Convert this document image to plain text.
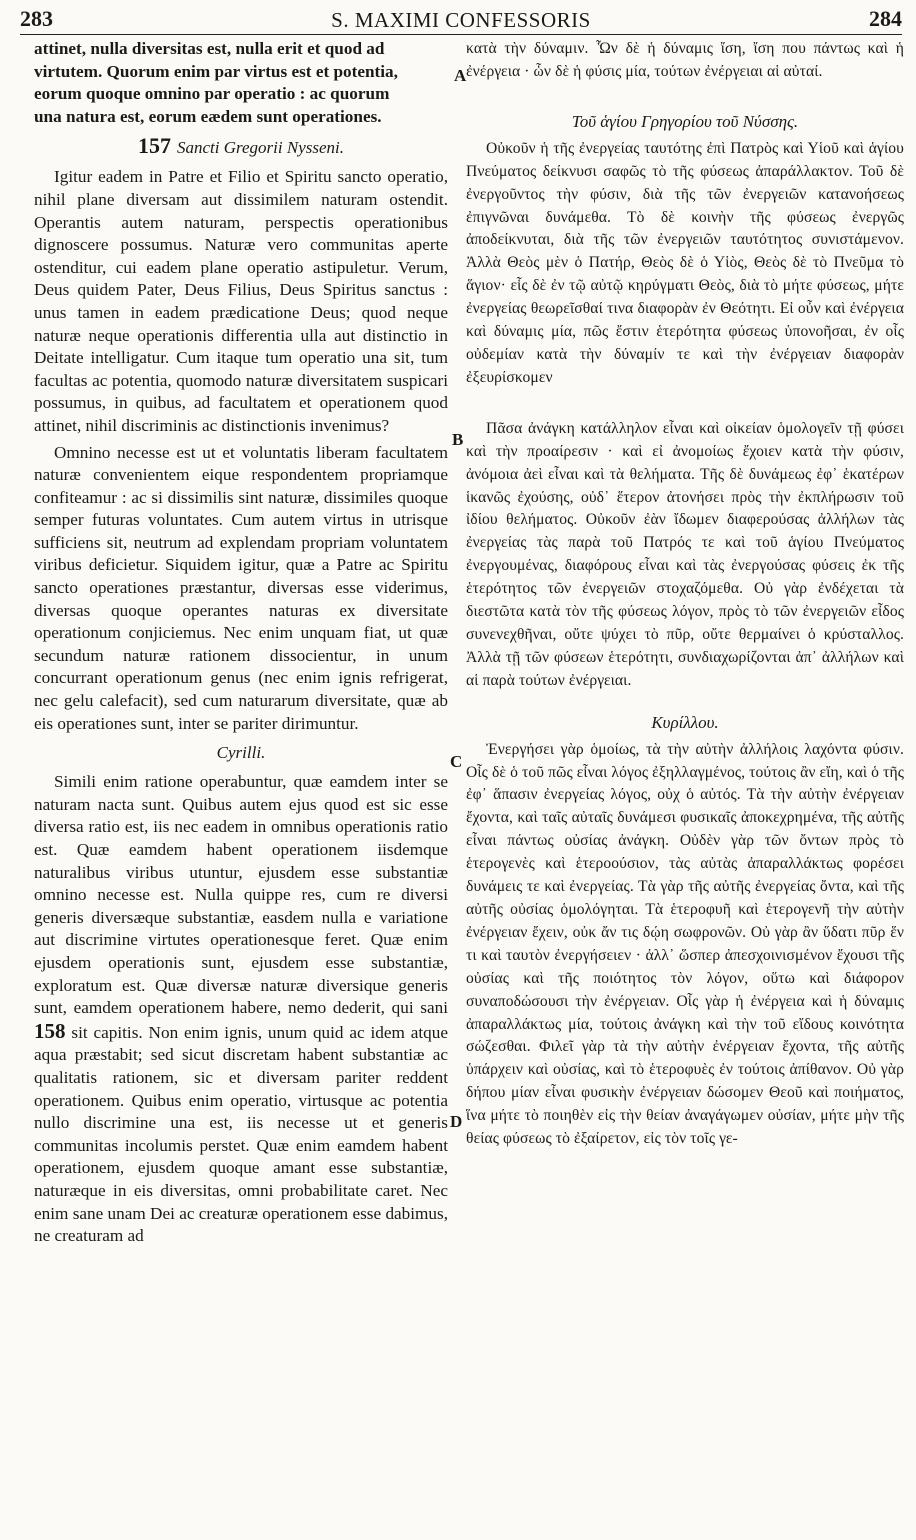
283	S. MAXIMI CONFESSORIS	284
A
B
C
D

attinet, nulla diversitas est, nulla erit et quod ad
virtutem. Quorum enim par virtus est et potentia,
eorum quoque omnino par operatio : ac quorum
una natura est, eorum eædem sunt operationes.

157 Sancti Gregorii Nysseni.

Igitur eadem in Patre et Filio et Spiritu sancto operatio, nihil plane diversam aut dissimilem naturam ostendit. Operantis autem naturam, perspectis operationibus dignoscere possumus. Naturæ vero communitas aperte ostenditur, cui eadem plane operatio astipuletur. Verum, Deus quidem Pater, Deus Filius, Deus Spiritus sanctus : unus tamen in eadem prædicatione Deus; quod neque naturæ neque operationis differentia ulla aut distinctio in Deitate intelligatur. Cum itaque tum operatio una sit, tum facultas ac potentia, quomodo naturæ diversitatem suspicari possumus, in quibus, ad facultatem et operationem quod attinet, nihil discriminis ac distinctionis invenimus?

Omnino necesse est ut et voluntatis liberam facultatem naturæ convenientem eique respondentem propriamque confiteamur : ac si dissimilis sint naturæ, dissimiles quoque semper futuras voluntates. Cum autem virtus in utrisque sufficiens sit, neutrum ad explendam propriam voluntatem viribus deficietur. Siquidem igitur, quæ a Patre ac Spiritu sancto operationes præstantur, diversas esse viderimus, diversas quoque operantes naturas ex diversitate operationum conjiciemus. Nec enim unquam fiat, ut quæ secundum naturæ rationem dissocientur, in unum concurrant operationum genus (nec enim ignis refrigerat, nec gelu calefacit), sed cum naturarum diversitate, quæ ab eis operationes sunt, inter se pariter dirimuntur.

Cyrilli.

Simili enim ratione operabuntur, quæ eamdem inter se naturam nacta sunt. Quibus autem ejus quod est sic esse diversa ratio est, iis nec eadem in omnibus operationis ratio est. Quæ eamdem habent operationem iisdemque naturalibus viribus utuntur, ejusdem esse substantiæ omnino necesse est. Nulla quippe res, cum re diversi generis diversæque substantiæ, easdem nulla e variatione aut discrimine virtutes operationesque feret. Quæ enim ejusdem operationis sunt, ejusdem esse substantiæ, exploratum est. Quæ diversæ naturæ diversique generis sunt, eamdem operationem habere, nemo dederit, qui sani 158 sit capitis. Non enim ignis, unum quid ac idem atque aqua præstabit; sed sicut discretam habent substantiæ ac qualitatis rationem, sic et diversam pariter reddent operationem. Quibus enim operatio, virtusque ac potentia nullo discrimine una est, iis necesse ut et generis communitas incolumis perstet. Quæ enim eamdem habent operationem, ejusdem quoque amant esse substantiæ, naturæque in eis diversitas, omni probabilitate caret. Nec enim sane unam Dei ac creaturæ operationem esse dabimus, ne creaturam ad

κατὰ τὴν δύναμιν. Ὧν δὲ ἡ δύναμις ἴση, ἴση που πάντως καὶ ἡ ἐνέργεια · ὧν δὲ ἡ φύσις μία, τούτων ἐνέργειαι αἱ αὐταί.

Τοῦ ἁγίου Γρηγορίου τοῦ Νύσσης.

Οὐκοῦν ἡ τῆς ἐνεργείας ταυτότης ἐπὶ Πατρὸς καὶ Υἱοῦ καὶ ἁγίου Πνεύματος δείκνυσι σαφῶς τὸ τῆς φύσεως ἀπαράλλακτον. Τοῦ δὲ ἐνεργοῦντος τὴν φύσιν, διὰ τῆς τῶν ἐνεργειῶν κατανοήσεως ἐπιγνῶναι δυνάμεθα. Τὸ δὲ κοινὴν τῆς φύσεως ἐνεργῶς ἀποδείκνυται, διὰ τῆς τῶν ἐνεργειῶν ταυτότητος συνιστάμενον. Ἀλλὰ Θεὸς μὲν ὁ Πατήρ, Θεὸς δὲ ὁ Υἱὸς, Θεὸς δὲ τὸ Πνεῦμα τὸ ἅγιον· εἷς δὲ ἐν τῷ αὐτῷ κηρύγματι Θεὸς, διὰ τὸ μήτε φύσεως, μήτε ἐνεργείας θεωρεῖσθαί τινα διαφορὰν ἐν Θεότητι. Εἰ οὖν καὶ ἐνέργεια καὶ δύναμις μία, πῶς ἔστιν ἑτερότητα φύσεως ὑπονοῆσαι, ἐν οἷς οὐδεμίαν κατὰ τὴν δύναμίν τε καὶ τὴν ἐνέργειαν διαφορὰν ἐξευρίσκομεν

Πᾶσα ἀνάγκη κατάλληλον εἶναι καὶ οἰκείαν ὁμολογεῖν τῇ φύσει καὶ τὴν προαίρεσιν · καὶ εἰ ἀνομοίως ἔχοιεν κατὰ τὴν φύσιν, ἀνόμοια ἀεὶ εἶναι καὶ τὰ θελήματα. Τῆς δὲ δυνάμεως ἐφ᾽ ἑκατέρων ἱκανῶς ἐχούσης, οὐδ᾽ ἕτερον ἀτονήσει πρὸς τὴν ἐκπλήρωσιν τοῦ ἰδίου θελήματος. Οὐκοῦν ἐὰν ἴδωμεν διαφερούσας ἀλλήλων τὰς ἐνεργείας τὰς παρὰ τοῦ Πατρός τε καὶ τοῦ ἁγίου Πνεύματος ἐνεργουμένας, διαφόρους εἶναι καὶ τὰς ἐνεργούσας φύσεις ἐκ τῆς ἑτερότητος τῶν ἐνεργειῶν στοχαζόμεθα. Οὐ γὰρ ἐνδέχεται τὰ διεστῶτα κατὰ τὸν τῆς φύσεως λόγον, πρὸς τὸ τῶν ἐνεργειῶν εἶδος συνενεχθῆναι, οὔτε ψύχει τὸ πῦρ, οὔτε θερμαίνει ὁ κρύσταλλος. Ἀλλὰ τῇ τῶν φύσεων ἑτερότητι, συνδιαχωρίζονται ἀπ᾽ ἀλλήλων καὶ αἱ παρὰ τούτων ἐνέργειαι.

Κυρίλλου.

Ἐνεργήσει γὰρ ὁμοίως, τὰ τὴν αὐτὴν ἀλλήλοις λαχόντα φύσιν. Οἷς δὲ ὁ τοῦ πῶς εἶναι λόγος ἐξηλλαγμένος, τούτοις ἂν εἴη, καὶ ὁ τῆς ἐφ᾽ ἅπασιν ἐνεργείας λόγος, οὐχ ὁ αὐτός. Τὰ τὴν αὐτὴν ἐνέργειαν ἔχοντα, καὶ ταῖς αὐταῖς δυνάμεσι φυσικαῖς ἀποκεχρημένα, τῆς αὐτῆς εἶναι πάντως οὐσίας ἀνάγκη. Οὐδὲν γὰρ τῶν ὄντων πρὸς τὸ ἑτερογενὲς καὶ ἑτεροούσιον, τὰς αὐτὰς ἀπαραλλάκτως φορέσει δυνάμεις τε καὶ ἐνεργείας. Τὰ γὰρ τῆς αὐτῆς ἐνεργείας ὄντα, καὶ τῆς αὐτῆς οὐσίας ὁμολόγηται. Τὰ ἑτεροφυῆ καὶ ἑτερογενῆ τὴν αὐτὴν ἐνέργειαν ἔχειν, οὐκ ἄν τις δῴη σωφρονῶν. Οὐ γὰρ ἂν ὕδατι πῦρ ἕν τι καὶ ταυτὸν ἐνεργήσειεν · ἀλλ᾽ ὥσπερ ἀπεσχοινισμένον ἔχουσι τῆς οὐσίας καὶ τῆς ποιότητος τὸν λόγον, οὕτω καὶ διάφορον συναποδώσουσι τὴν ἐνέργειαν. Οἷς γὰρ ἡ ἐνέργεια καὶ ἡ δύναμις ἀπαραλλάκτως μία, τούτοις ἀνάγκη καὶ τὴν τοῦ εἴδους κοινότητα σώζεσθαι. Φιλεῖ γὰρ τὰ τὴν αὐτὴν ἐνέργειαν ἔχοντα, τῆς αὐτῆς ὑπάρχειν καὶ οὐσίας, καὶ τὸ ἑτεροφυὲς ἐν τούτοις ἀπίθανον. Οὐ γὰρ δήπου μίαν εἶναι φυσικὴν ἐνέργειαν δώσομεν Θεοῦ καὶ ποιήματος, ἵνα μήτε τὸ ποιηθὲν εἰς τὴν θείαν ἀναγάγωμεν οὐσίαν, μήτε μὴν τῆς θείας φύσεως τὸ ἐξαίρετον, εἰς τὸν τοῖς γε-
